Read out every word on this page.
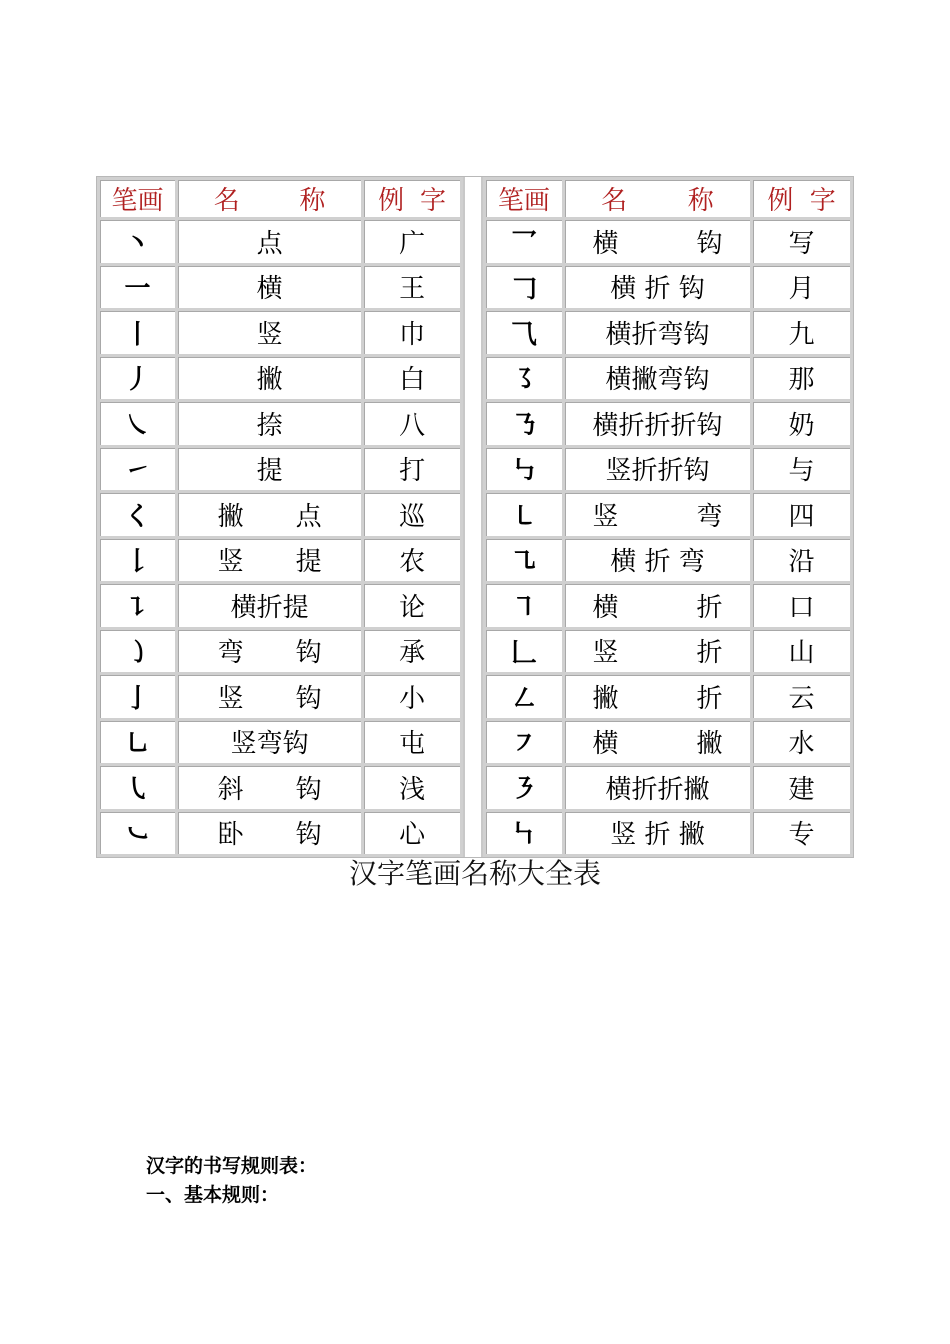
笔画	名 称	例 字

丶	点	广
一	横	王
丨	竖	巾
丿	撇	白
㇏	捺	八
㇀	提	打
く	撇　　点	巡
𠄌	竖　　提	农
㇊	横折提	论
㇁	弯　　钩	承
亅	竖　　钩	小
㇟	竖弯钩	屯
㇂	斜　　钩	浅
㇃	卧　　钩	心
笔画	名 称	例 字

乛	横　　　钩	写
𠃌	横 折 钩	月
⺄	横折弯钩	九
㇌	横撇弯钩	那
㇡	横折折折钩	奶
㇉	竖折折钩	与
㇄	竖　　　弯	四
㇈	横 折 弯	沿
㇕	横　　　折	口
𠃊	竖　　　折	山
㇜	撇　　　折	云
㇇	横　　　撇	水
㇋	横折折撇	建
㇞	竖 折 撇	专
汉字笔画名称大全表
汉字的书写规则表：
一、基本规则：
